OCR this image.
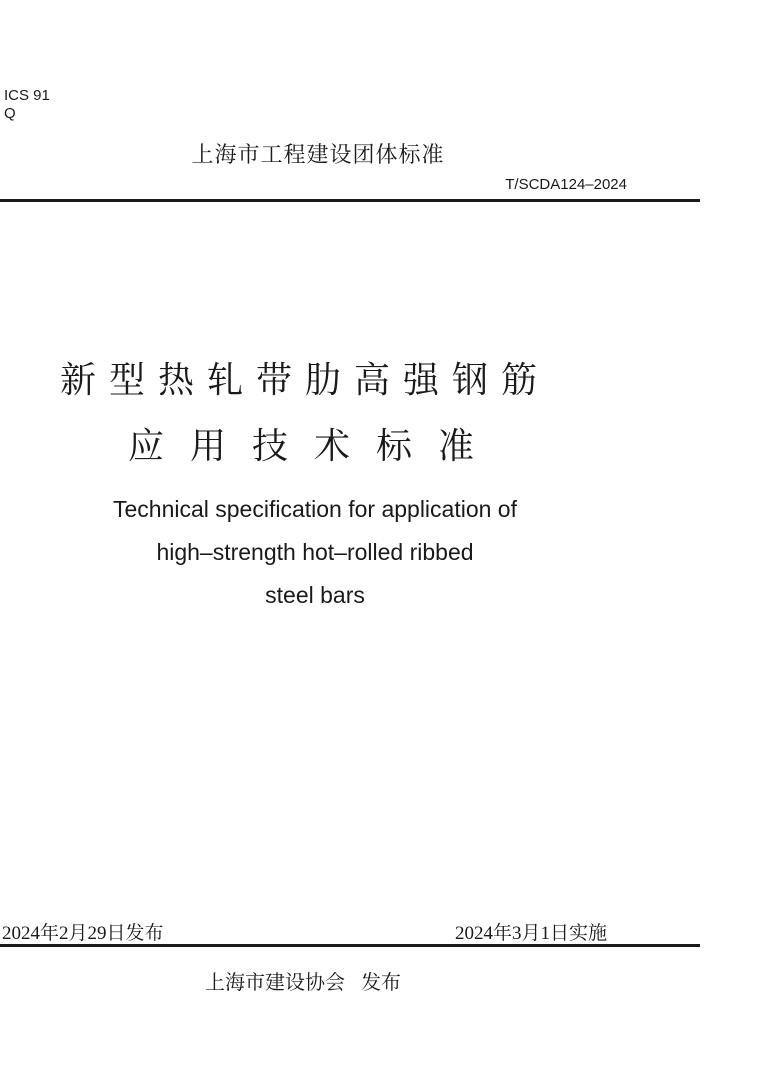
ICS 91
Q
上海市工程建设团体标准
T/SCDA124–2024
新型热轧带肋高强钢筋
应用技术标准
Technical specification for application of
high–strength hot–rolled ribbed
steel bars
2024年2月29日发布	2024年3月1日实施
上海市建设协会 发布
